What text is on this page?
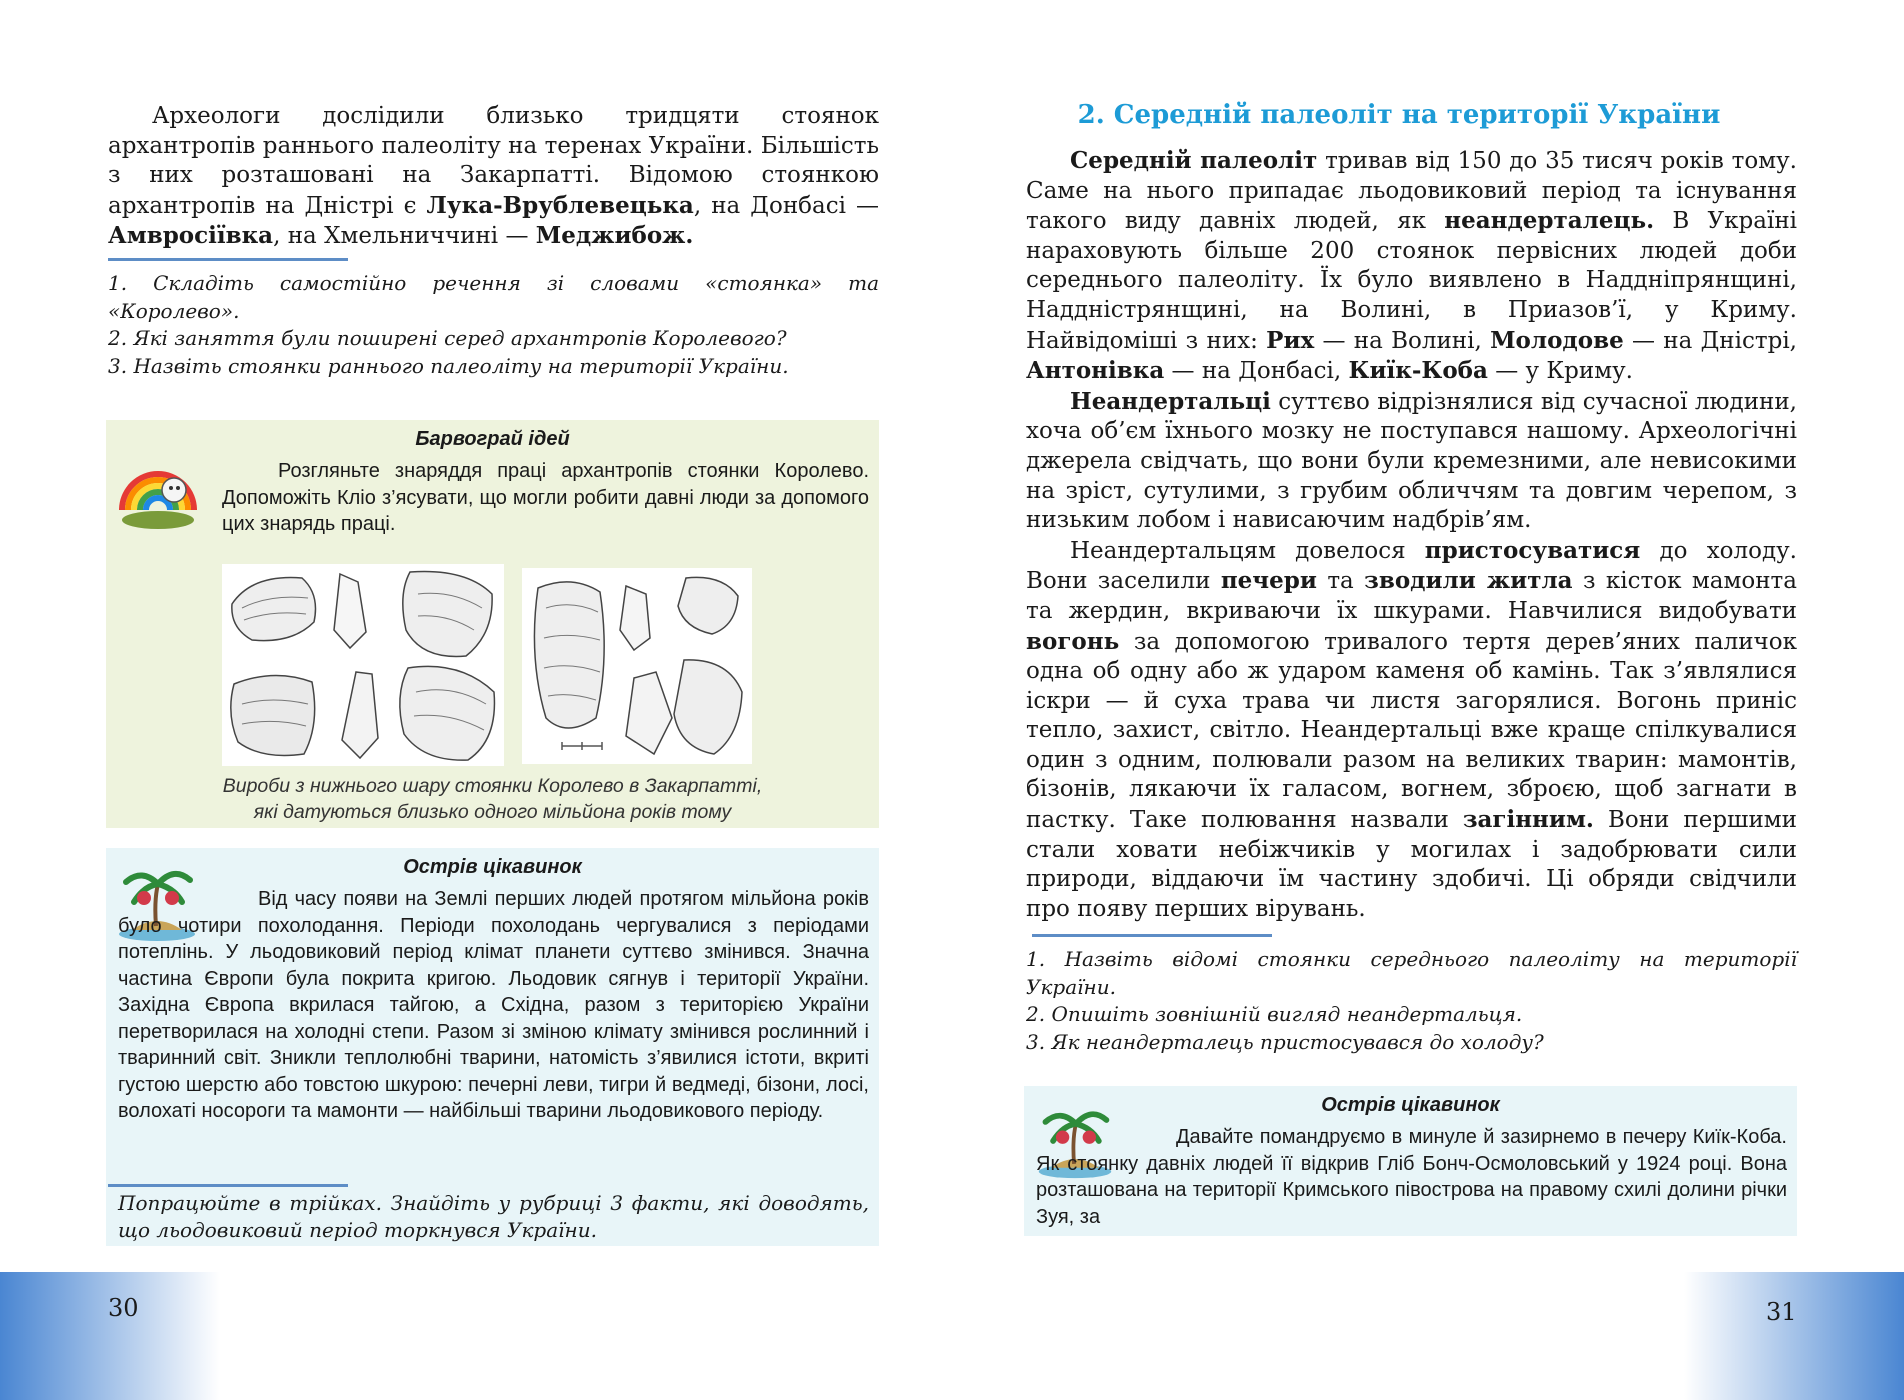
Археологи дослідили близько тридцяти стоянок архантропів раннього палеоліту на теренах України. Більшість з них розташовані на Закарпатті. Відомою стоянкою архантропів на Дністрі є Лука-Врублевецька, на Донбасі — Амвросіївка, на Хмельниччині — Меджибож.
1. Складіть самостійно речення зі словами «стоянка» та «Королево».
2. Які заняття були поширені серед архантропів Королевого?
3. Назвіть стоянки раннього палеоліту на території України.
Барвограй ідей
Розгляньте знаряддя праці архантропів стоянки Королево. Допоможіть Кліо з’ясувати, що могли робити давні люди за допомого цих знарядь праці.
Вироби з нижнього шару стоянки Королево в Закарпатті,
які датуються близько одного мільйона років тому
Острів цікавинок
Від часу появи на Землі перших людей протягом мільйона років було чотири похолодання. Періоди похолодань чергувалися з періодами потеплінь. У льодовиковий період клімат планети суттєво змінився. Значна частина Європи була покрита кригою. Льодовик сягнув і території України. Західна Європа вкрилася тайгою, а Східна, разом з територією України перетворилася на холодні степи. Разом зі зміною клімату змінився рослинний і тваринний світ. Зникли теплолюбні тварини, натомість з’явилися істоти, вкриті густою шерстю або товстою шкурою: печерні леви, тигри й ведмеді, бізони, лосі, волохаті носороги та мамонти — найбільші тварини льодовикового періоду.
Попрацюйте в трійках. Знайдіть у рубриці 3 факти, які доводять, що льодовиковий період торкнувся України.
30
2. Середній палеоліт на території України

Середній палеоліт тривав від 150 до 35 тисяч років тому. Саме на нього припадає льодовиковий період та існування такого виду давніх людей, як неандерталець. В Україні нараховують більше 200 стоянок первісних людей доби середнього палеоліту. Їх було виявлено в Наддніпрянщині, Наддністрянщині, на Волині, в Приазов’ї, у Криму. Найвідоміші з них: Рих — на Волині, Молодове — на Дністрі, Антонівка — на Донбасі, Киїк-Коба — у Криму.

Неандертальці суттєво відрізнялися від сучасної людини, хоча об’єм їхнього мозку не поступався нашому. Археологічні джерела свідчать, що вони були кремезними, але невисокими на зріст, сутулими, з грубим обличчям та довгим черепом, з низьким лобом і нависаючим надбрів’ям.

Неандертальцям довелося пристосуватися до холоду. Вони заселили печери та зводили житла з кісток мамонта та жердин, вкриваючи їх шкурами. Навчилися видобувати вогонь за допомогою тривалого тертя дерев’яних паличок одна об одну або ж ударом каменя об камінь. Так з’являлися іскри — й суха трава чи листя загорялися. Вогонь приніс тепло, захист, світло. Неандертальці вже краще спілкувалися один з одним, полювали разом на великих тварин: мамонтів, бізонів, лякаючи їх галасом, вогнем, зброєю, щоб загнати в пастку. Таке полювання назвали загінним. Вони першими стали ховати небіжчиків у могилах і задобрювати сили природи, віддаючи їм частину здобичі. Ці обряди свідчили про появу перших вірувань.

1. Назвіть відомі стоянки середнього палеоліту на території України.
2. Опишіть зовнішній вигляд неандертальця.
3. Як неандерталець пристосувався до холоду?
Острів цікавинок
Давайте помандруємо в минуле й зазирнемо в печеру Киїк-Коба. Як стоянку давніх людей її відкрив Гліб Бонч-Осмоловський у 1924 році. Вона розташована на території Кримського півострова на правому схилі долини річки Зуя, за
31
